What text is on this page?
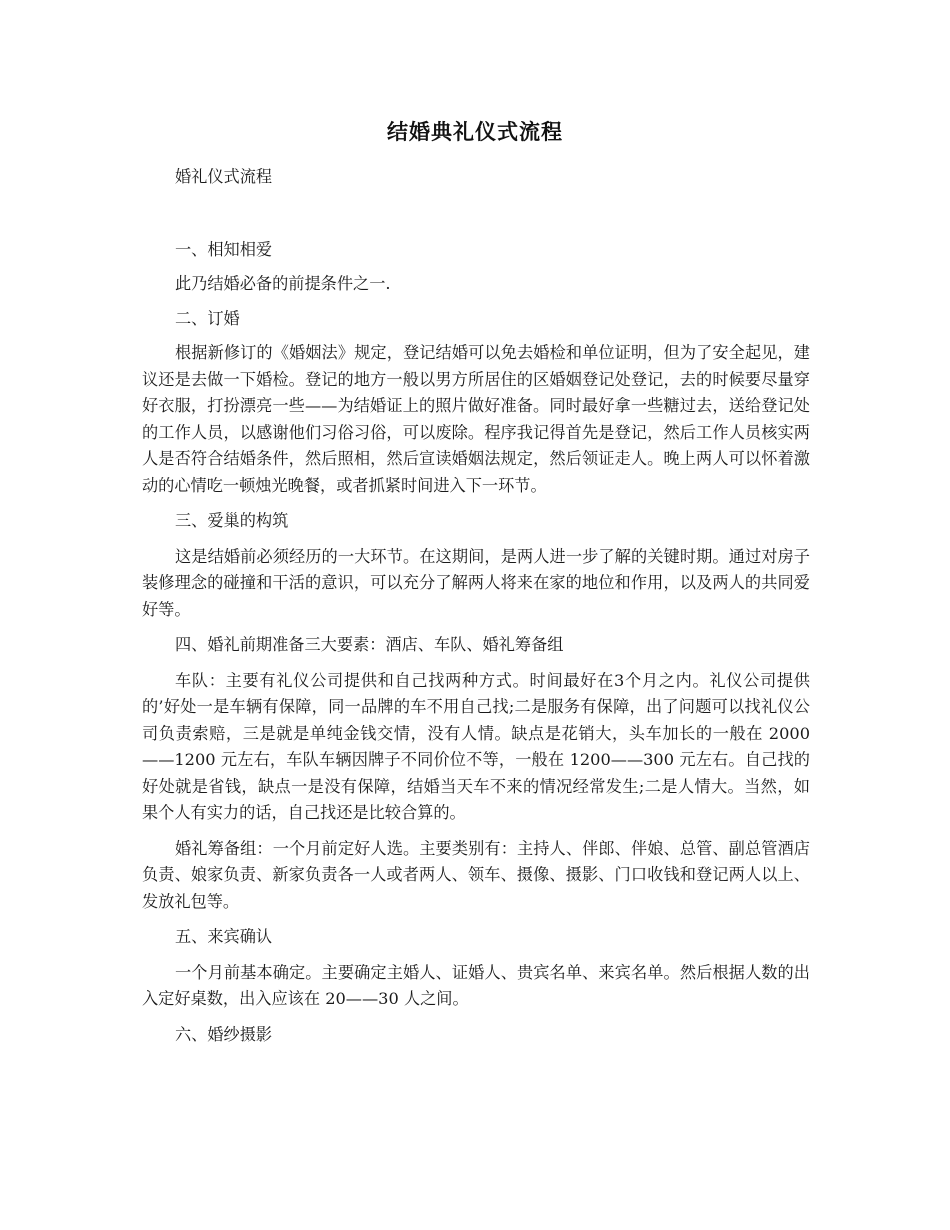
结婚典礼仪式流程

婚礼仪式流程

一、相知相爱

此乃结婚必备的前提条件之一.

二、订婚

根据新修订的《婚姻法》规定，登记结婚可以免去婚检和单位证明，但为了安全起见，建议还是去做一下婚检。登记的地方一般以男方所居住的区婚姻登记处登记，去的时候要尽量穿好衣服，打扮漂亮一些——为结婚证上的照片做好准备。同时最好拿一些糖过去，送给登记处的工作人员，以感谢他们习俗习俗，可以废除。程序我记得首先是登记，然后工作人员核实两人是否符合结婚条件，然后照相，然后宣读婚姻法规定，然后领证走人。晚上两人可以怀着激动的心情吃一顿烛光晚餐，或者抓紧时间进入下一环节。

三、爱巢的构筑

这是结婚前必须经历的一大环节。在这期间，是两人进一步了解的关键时期。通过对房子装修理念的碰撞和干活的意识，可以充分了解两人将来在家的地位和作用，以及两人的共同爱好等。

四、婚礼前期准备三大要素：酒店、车队、婚礼筹备组

车队：主要有礼仪公司提供和自己找两种方式。时间最好在3个月之内。礼仪公司提供的’好处一是车辆有保障，同一品牌的车不用自己找;二是服务有保障，出了问题可以找礼仪公司负责索赔，三是就是单纯金钱交情，没有人情。缺点是花销大，头车加长的一般在 2000——1200 元左右，车队车辆因牌子不同价位不等，一般在 1200——300 元左右。自己找的好处就是省钱，缺点一是没有保障，结婚当天车不来的情况经常发生;二是人情大。当然，如果个人有实力的话，自己找还是比较合算的。

婚礼筹备组：一个月前定好人选。主要类别有：主持人、伴郎、伴娘、总管、副总管酒店负责、娘家负责、新家负责各一人或者两人、领车、摄像、摄影、门口收钱和登记两人以上、发放礼包等。

五、来宾确认

一个月前基本确定。主要确定主婚人、证婚人、贵宾名单、来宾名单。然后根据人数的出入定好桌数，出入应该在 20——30 人之间。

六、婚纱摄影
